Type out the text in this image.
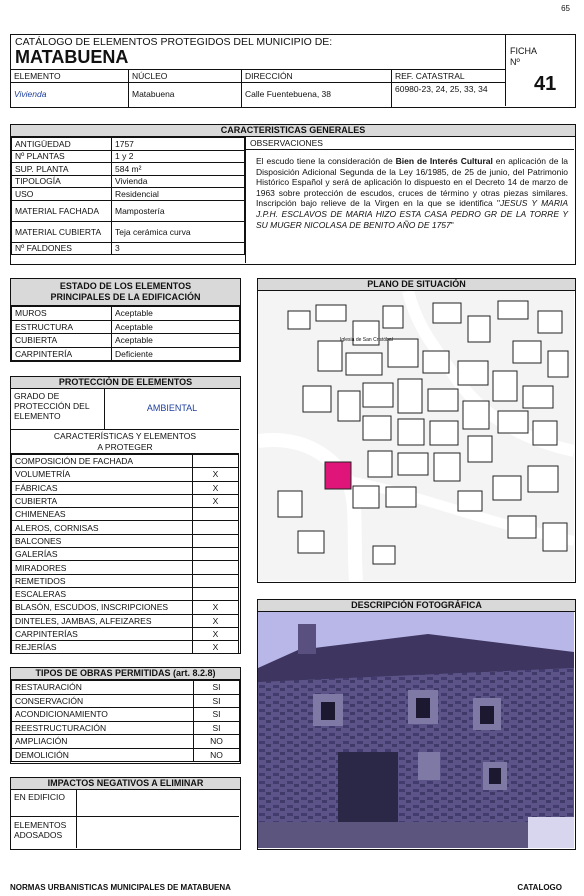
65
CATÁLOGO DE ELEMENTOS PROTEGIDOS DEL MUNICIPIO DE:
MATABUENA	FICHA
Nº
41
ELEMENTO
Vivienda
NÚCLEO
Matabuena
DIRECCIÓN
Calle Fuentebuena, 38
REF. CATASTRAL
60980-23, 24, 25, 33, 34
CARACTERISTICAS GENERALES
ANTIGÜEDAD	1757
Nº PLANTAS	1 y 2
SUP. PLANTA	584 m²
TIPOLOGÍA	Vivienda
USO	Residencial
MATERIAL FACHADA	Mampostería
MATERIAL CUBIERTA	Teja cerámica curva
Nº FALDONES	3
OBSERVACIONES
El escudo tiene la consideración de Bien de Interés Cultural en aplicación de la Disposición Adicional Segunda de la Ley 16/1985, de 25 de junio, del Patrimonio Histórico Español y será de aplicación lo dispuesto en el Decreto 14 de marzo de 1963 sobre protección de escudos, cruces de término y otras piezas similares. Inscripción bajo relieve de la Virgen en la que se identifica "JESUS Y MARIA J.P.H. ESCLAVOS DE MARIA HIZO ESTA CASA PEDRO GR DE LA TORRE Y SU MUGER NICOLASA DE BENITO AÑO DE 1757"
ESTADO DE LOS ELEMENTOS PRINCIPALES DE LA EDIFICACIÓN
MUROS	Aceptable
ESTRUCTURA	Aceptable
CUBIERTA	Aceptable
CARPINTERÍA	Deficiente
PROTECCIÓN DE ELEMENTOS
GRADO DE PROTECCIÓN DEL ELEMENTO
AMBIENTAL
CARACTERÍSTICAS Y ELEMENTOS A PROTEGER
COMPOSICIÓN DE FACHADA	
VOLUMETRÍA	X
FÁBRICAS	X
CUBIERTA	X
CHIMENEAS	
ALEROS, CORNISAS	
BALCONES	
GALERÍAS	
MIRADORES	
REMETIDOS	
ESCALERAS	
BLASÓN, ESCUDOS, INSCRIPCIONES	X
DINTELES, JAMBAS, ALFEIZARES	X
CARPINTERÍAS	X
REJERÍAS	X
TIPOS DE OBRAS PERMITIDAS (art. 8.2.8)
RESTAURACIÓN	SI
CONSERVACIÓN	SI
ACONDICIONAMIENTO	SI
REESTRUCTURACIÓN	SI
AMPLIACIÓN	NO
DEMOLICIÓN	NO
IMPACTOS NEGATIVOS A ELIMINAR
EN EDIFICIO
ELEMENTOS ADOSADOS
PLANO DE SITUACIÓN
Iglesia de San Cristóbal
DESCRIPCIÓN FOTOGRÁFICA
NORMAS URBANISTICAS MUNICIPALES DE MATABUENA	CATALOGO
